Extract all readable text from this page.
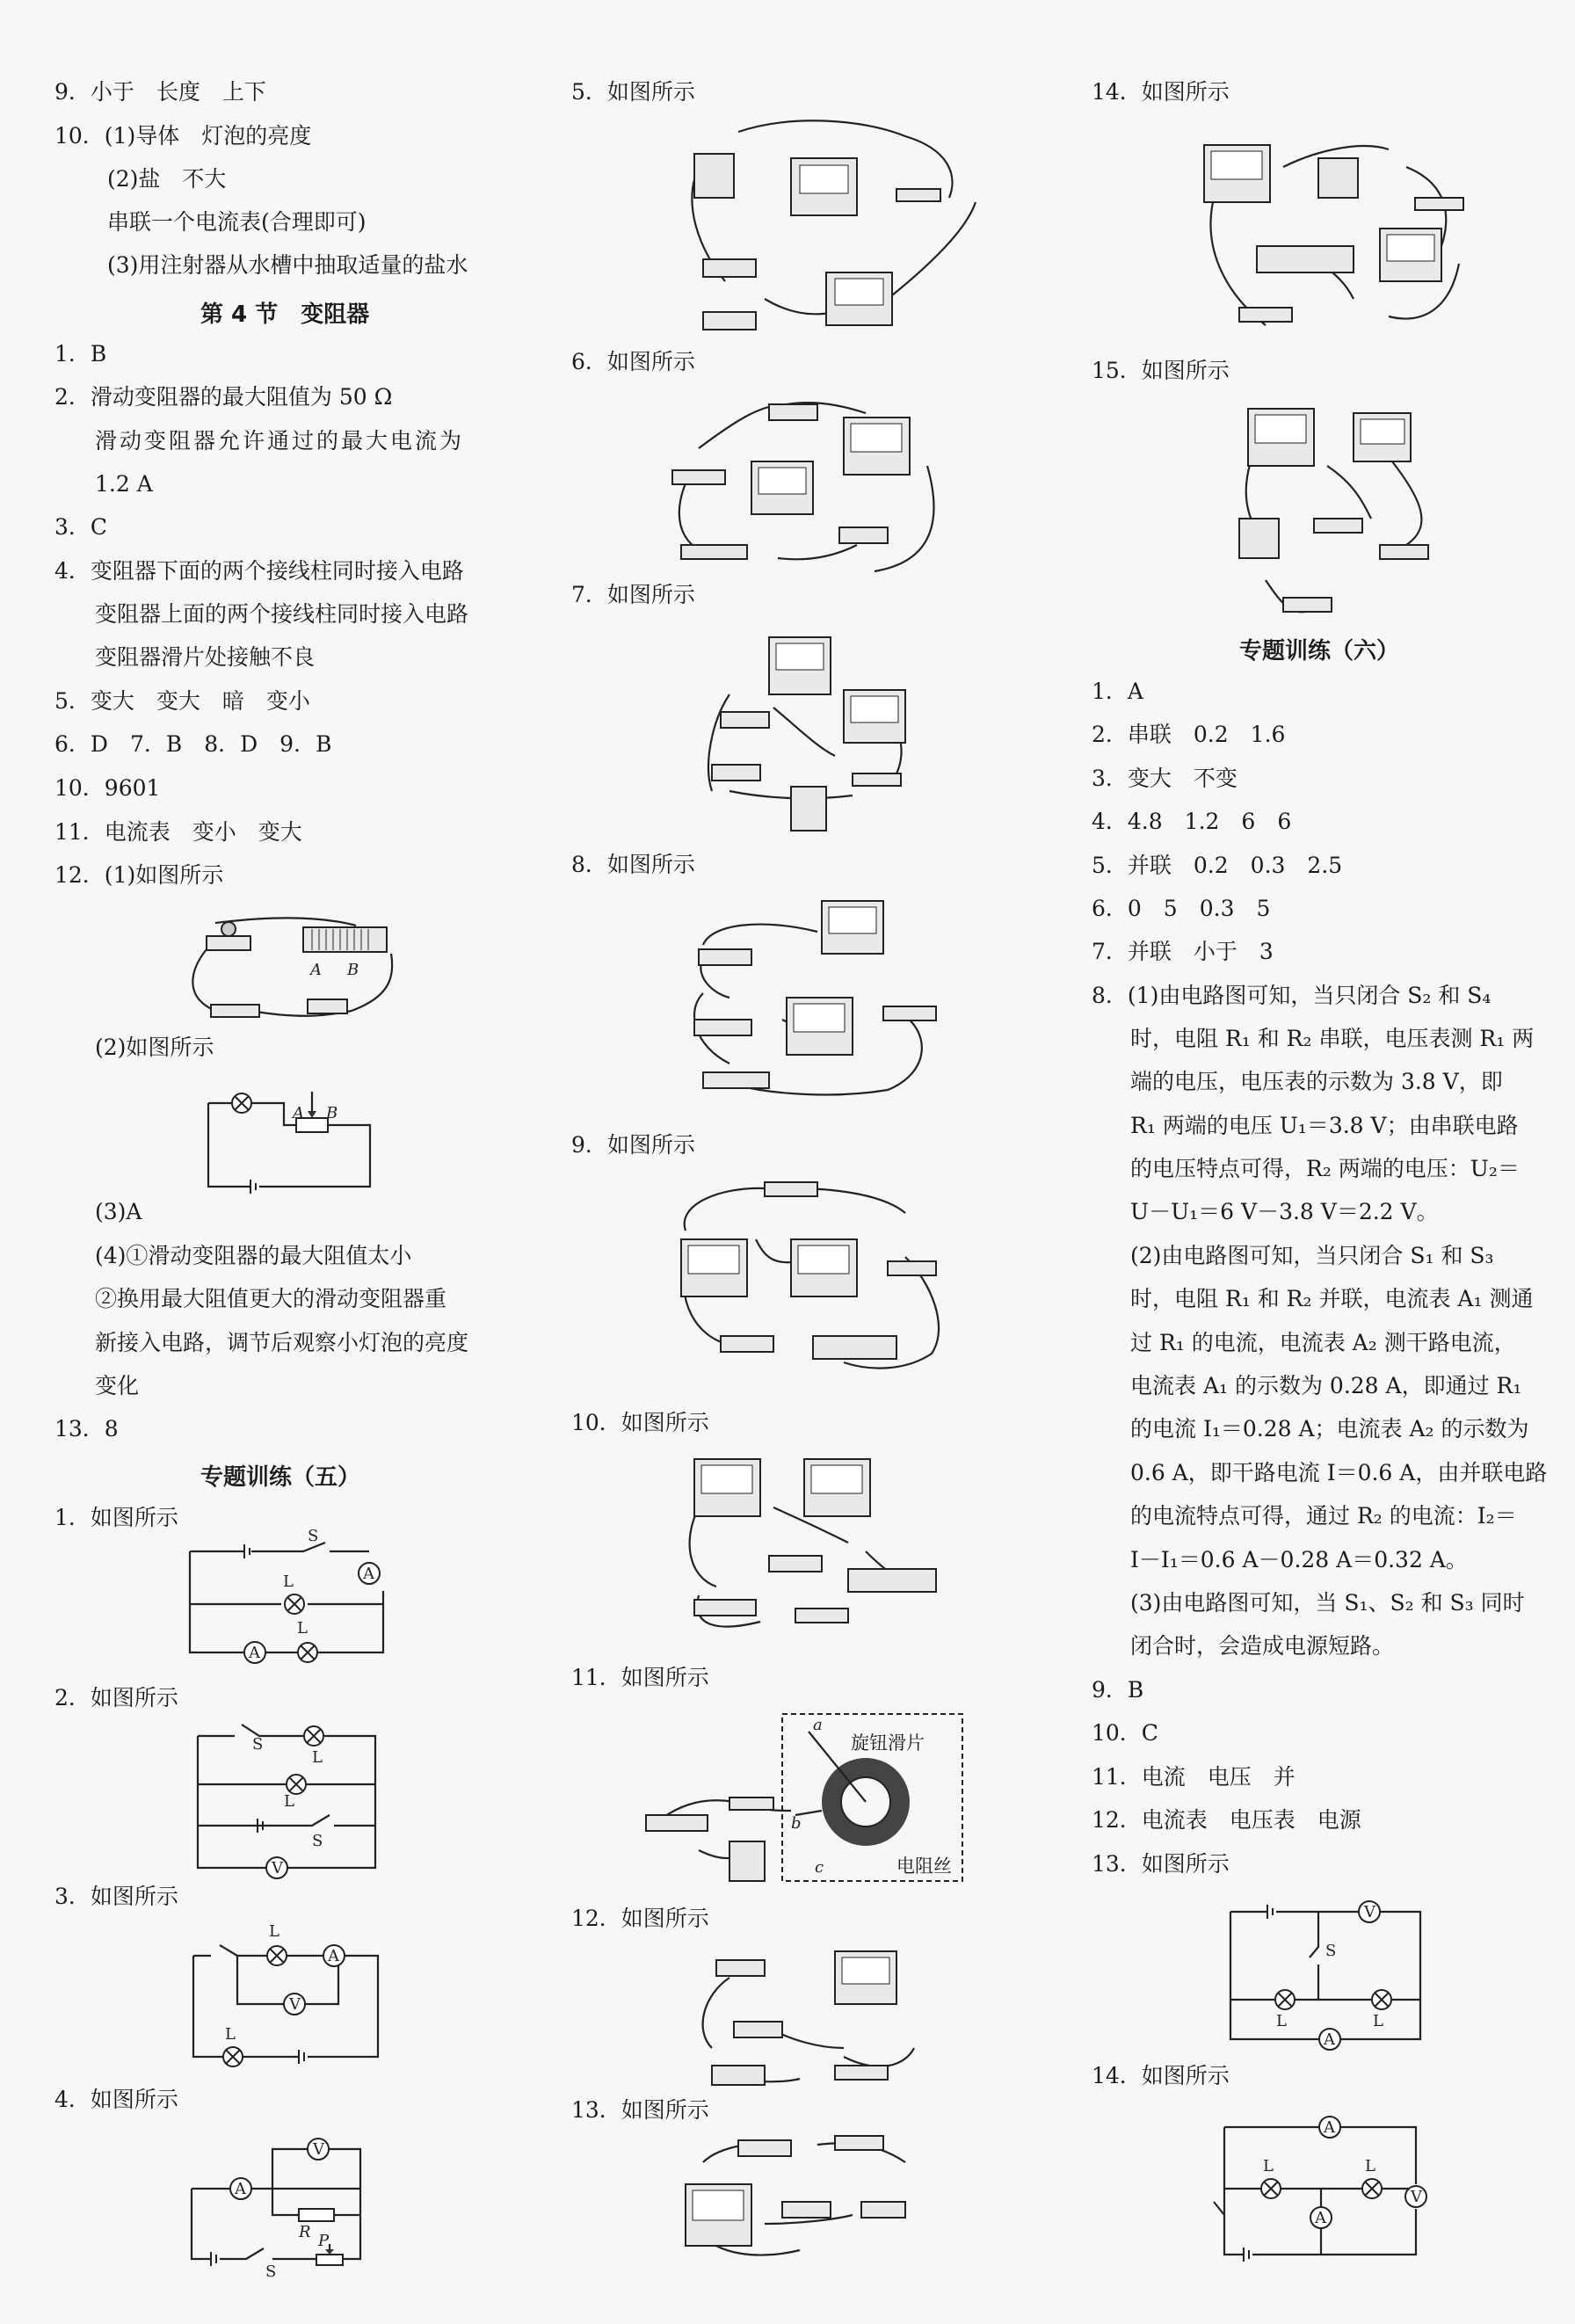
9．小于　长度　上下
10．(1)导体　灯泡的亮度
(2)盐　不大
串联一个电流表(合理即可)
(3)用注射器从水槽中抽取适量的盐水
第 4 节　变阻器
1．B
2．滑动变阻器的最大阻值为 50 Ω
滑动变阻器允许通过的最大电流为
1.2 A
3．C
4．变阻器下面的两个接线柱同时接入电路
变阻器上面的两个接线柱同时接入电路
变阻器滑片处接触不良
5．变大　变大　暗　变小
6．D　7．B　8．D　9．B
10．9601
11．电流表　变小　变大
12．(1)如图所示
A B
(2)如图所示
A B
(3)A
(4)①滑动变阻器的最大阻值太小
②换用最大阻值更大的滑动变阻器重
新接入电路，调节后观察小灯泡的亮度
变化
13．8
专题训练（五）
1．如图所示
A
A
S
L
L
2．如图所示
V
S
L
L
S
3．如图所示
A
V
L
L
4．如图所示
A
V
R
S
P
5．如图所示
6．如图所示
7．如图所示
8．如图所示
9．如图所示
10．如图所示
11．如图所示
a
b
c
旋钮滑片
电阻丝
12．如图所示
13．如图所示
14．如图所示
15．如图所示
专题训练（六）
1．A
2．串联　0.2　1.6
3．变大　不变
4．4.8　1.2　6　6
5．并联　0.2　0.3　2.5
6．0　5　0.3　5
7．并联　小于　3
8．(1)由电路图可知，当只闭合 S₂ 和 S₄
时，电阻 R₁ 和 R₂ 串联，电压表测 R₁ 两
端的电压，电压表的示数为 3.8 V，即
R₁ 两端的电压 U₁＝3.8 V；由串联电路
的电压特点可得，R₂ 两端的电压：U₂＝
U－U₁＝6 V－3.8 V＝2.2 V。
(2)由电路图可知，当只闭合 S₁ 和 S₃
时，电阻 R₁ 和 R₂ 并联，电流表 A₁ 测通
过 R₁ 的电流，电流表 A₂ 测干路电流，
电流表 A₁ 的示数为 0.28 A，即通过 R₁
的电流 I₁＝0.28 A；电流表 A₂ 的示数为
0.6 A，即干路电流 I＝0.6 A，由并联电路
的电流特点可得，通过 R₂ 的电流：I₂＝
I－I₁＝0.6 A－0.28 A＝0.32 A。
(3)由电路图可知，当 S₁、S₂ 和 S₃ 同时
闭合时，会造成电源短路。
9．B
10．C
11．电流　电压　并
12．电流表　电压表　电源
13．如图所示
V
A
S
L	L
14．如图所示
A
A
V
L	L
